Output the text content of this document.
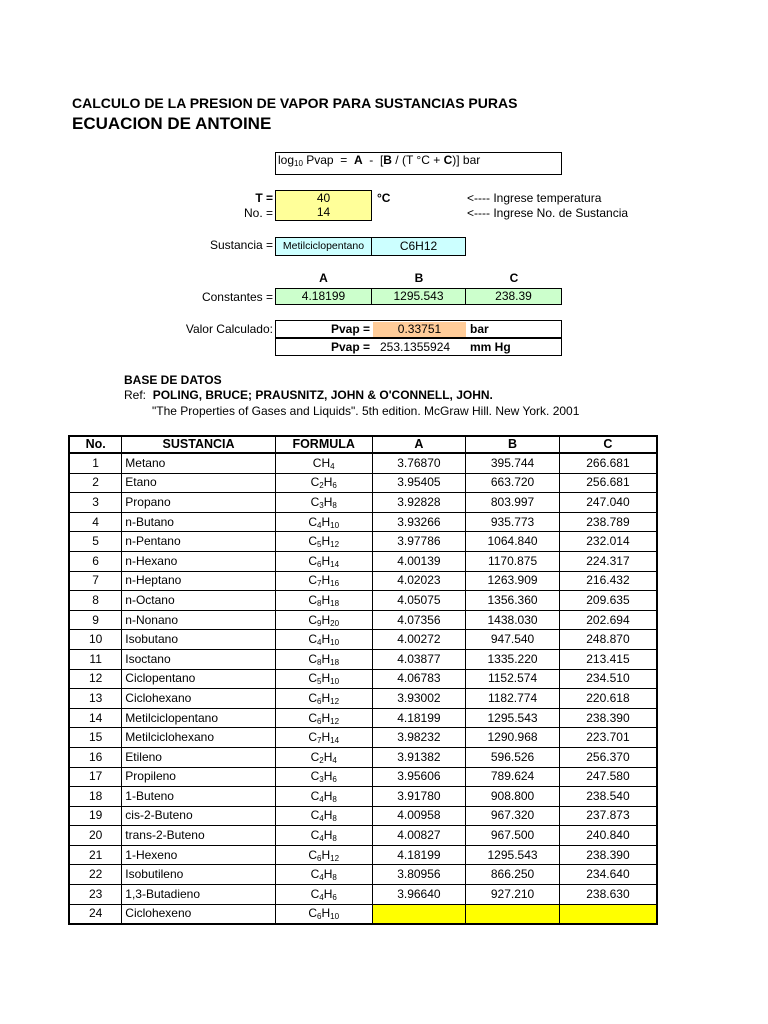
CALCULO DE LA PRESION DE VAPOR PARA SUSTANCIAS PURAS
ECUACION DE ANTOINE
$\log_{10}$ Pvap  =  A  -  [B / (T °C + C)] bar
T =	40	°C	<---- Ingrese temperatura
No. =	14	<---- Ingrese No. de Sustancia
Sustancia = Metilciclopentano	C6H12
A	B	C
Constantes =	4.18199	1295.543	238.39
Valor Calculado:	Pvap =	0.33751	bar
Pvap = 253.1355924 mm Hg
BASE DE DATOS
Ref: POLING, BRUCE; PRAUSNITZ, JOHN & O'CONNELL, JOHN.
"The Properties of Gases and Liquids". 5th edition. McGraw Hill. New York. 2001
No.	SUSTANCIA	FORMULA	A	B	C
1	Metano	$CH_4$	3.76870	395.744	266.681
2	Etano	$C_2H_6$	3.95405	663.720	256.681
3	Propano	$C_3H_8$	3.92828	803.997	247.040
4	n-Butano	$C_4H_{10}$	3.93266	935.773	238.789
5	n-Pentano	$C_5H_{12}$	3.97786	1064.840	232.014
6	n-Hexano	$C_6H_{14}$	4.00139	1170.875	224.317
7	n-Heptano	$C_7H_{16}$	4.02023	1263.909	216.432
8	n-Octano	$C_8H_{18}$	4.05075	1356.360	209.635
9	n-Nonano	$C_9H_{20}$	4.07356	1438.030	202.694
10	Isobutano	$C_4H_{10}$	4.00272	947.540	248.870
11	Isoctano	$C_8H_{18}$	4.03877	1335.220	213.415
12	Ciclopentano	$C_5H_{10}$	4.06783	1152.574	234.510
13	Ciclohexano	$C_6H_{12}$	3.93002	1182.774	220.618
14	Metilciclopentano	$C_6H_{12}$	4.18199	1295.543	238.390
15	Metilciclohexano	$C_7H_{14}$	3.98232	1290.968	223.701
16	Etileno	$C_2H_4$	3.91382	596.526	256.370
17	Propileno	$C_3H_6$	3.95606	789.624	247.580
18	1-Buteno	$C_4H_8$	3.91780	908.800	238.540
19	cis-2-Buteno	$C_4H_8$	4.00958	967.320	237.873
20	trans-2-Buteno	$C_4H_8$	4.00827	967.500	240.840
21	1-Hexeno	$C_6H_{12}$	4.18199	1295.543	238.390
22	Isobutileno	$C_4H_8$	3.80956	866.250	234.640
23	1,3-Butadieno	$C_4H_6$	3.96640	927.210	238.630
24	Ciclohexeno	$C_6H_{10}$			
